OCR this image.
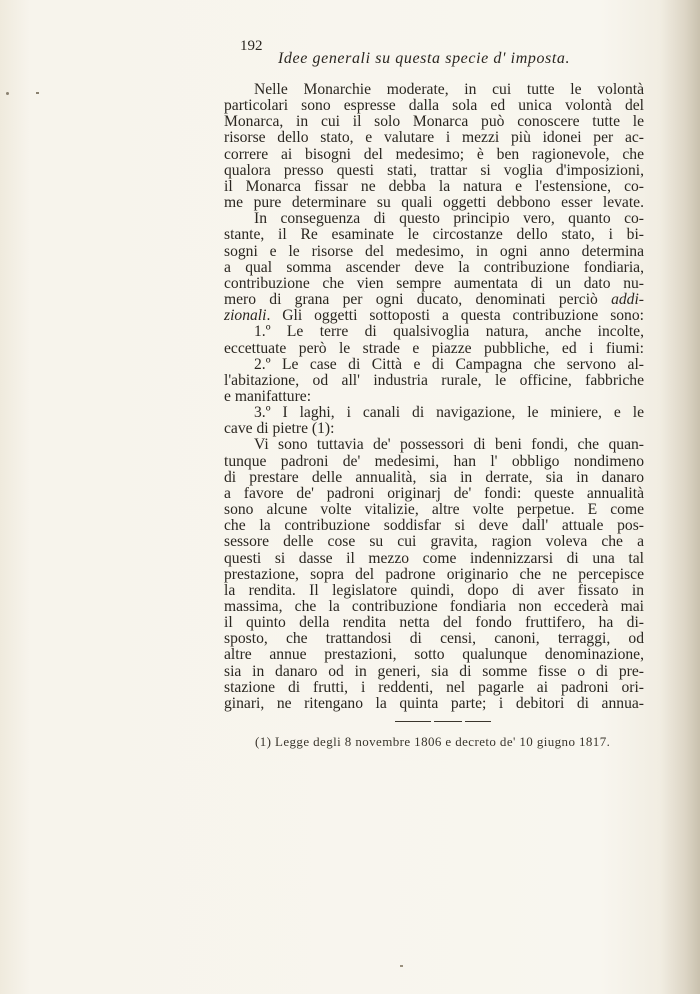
192
Idee generali su questa specie d' imposta.
Nelle Monarchie moderate, in cui tutte le volontà
particolari sono espresse dalla sola ed unica volontà del
Monarca, in cui il solo Monarca può conoscere tutte le
risorse dello stato, e valutare i mezzi più idonei per ac-
correre ai bisogni del medesimo; è ben ragionevole, che
qualora presso questi stati, trattar si voglia d'imposizioni,
il Monarca fissar ne debba la natura e l'estensione, co-
me pure determinare su quali oggetti debbono esser levate.
In conseguenza di questo principio vero, quanto co-
stante, il Re esaminate le circostanze dello stato, i bi-
sogni e le risorse del medesimo, in ogni anno determina
a qual somma ascender deve la contribuzione fondiaria,
contribuzione che vien sempre aumentata di un dato nu-
mero di grana per ogni ducato, denominati perciò addi-
zionali. Gli oggetti sottoposti a questa contribuzione sono:
1.º Le terre di qualsivoglia natura, anche incolte,
eccettuate però le strade e piazze pubbliche, ed i fiumi:
2.º Le case di Città e di Campagna che servono al-
l'abitazione, od all' industria rurale, le officine, fabbriche
e manifatture:
3.º I laghi, i canali di navigazione, le miniere, e le
cave di pietre (1):
Vi sono tuttavia de' possessori di beni fondi, che quan-
tunque padroni de' medesimi, han l' obbligo nondimeno
di prestare delle annualità, sia in derrate, sia in danaro
a favore de' padroni originarj de' fondi: queste annualità
sono alcune volte vitalizie, altre volte perpetue. E come
che la contribuzione soddisfar si deve dall' attuale pos-
sessore delle cose su cui gravita, ragion voleva che a
questi si dasse il mezzo come indennizzarsi di una tal
prestazione, sopra del padrone originario che ne percepisce
la rendita. Il legislatore quindi, dopo di aver fissato in
massima, che la contribuzione fondiaria non eccederà mai
il quinto della rendita netta del fondo fruttifero, ha di-
sposto, che trattandosi di censi, canoni, terraggi, od
altre annue prestazioni, sotto qualunque denominazione,
sia in danaro od in generi, sia di somme fisse o di pre-
stazione di frutti, i reddenti, nel pagarle ai padroni ori-
ginari, ne ritengano la quinta parte; i debitori di annua-
(1) Legge degli 8 novembre 1806 e decreto de' 10 giugno 1817.
